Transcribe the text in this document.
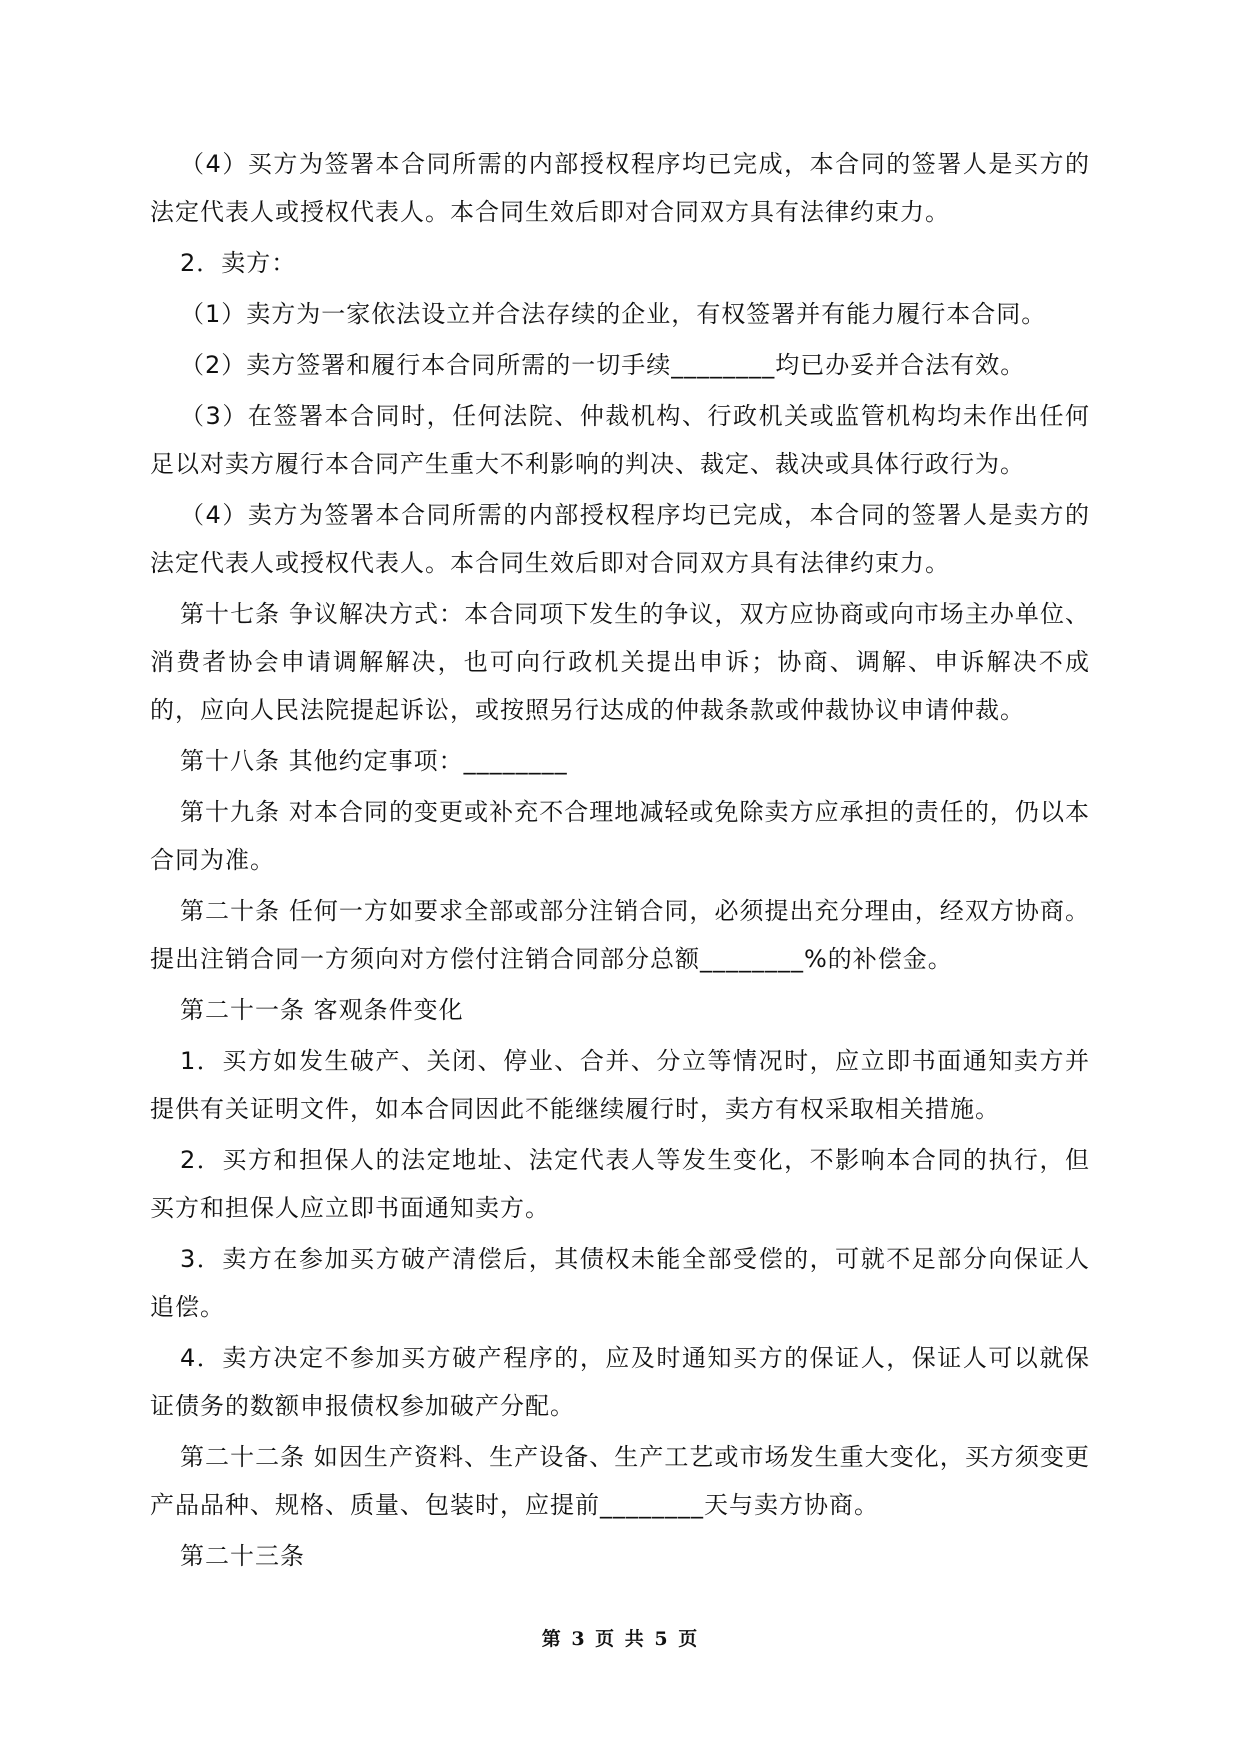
（4）买方为签署本合同所需的内部授权程序均已完成，本合同的签署人是买方的法定代表人或授权代表人。本合同生效后即对合同双方具有法律约束力。

2．卖方：

（1）卖方为一家依法设立并合法存续的企业，有权签署并有能力履行本合同。

（2）卖方签署和履行本合同所需的一切手续________均已办妥并合法有效。

（3）在签署本合同时，任何法院、仲裁机构、行政机关或监管机构均未作出任何足以对卖方履行本合同产生重大不利影响的判决、裁定、裁决或具体行政行为。

（4）卖方为签署本合同所需的内部授权程序均已完成，本合同的签署人是卖方的法定代表人或授权代表人。本合同生效后即对合同双方具有法律约束力。

第十七条 争议解决方式：本合同项下发生的争议，双方应协商或向市场主办单位、消费者协会申请调解解决，也可向行政机关提出申诉；协商、调解、申诉解决不成的，应向人民法院提起诉讼，或按照另行达成的仲裁条款或仲裁协议申请仲裁。

第十八条 其他约定事项：________

第十九条 对本合同的变更或补充不合理地减轻或免除卖方应承担的责任的，仍以本合同为准。

第二十条 任何一方如要求全部或部分注销合同，必须提出充分理由，经双方协商。提出注销合同一方须向对方偿付注销合同部分总额________%的补偿金。

第二十一条 客观条件变化

1．买方如发生破产、关闭、停业、合并、分立等情况时，应立即书面通知卖方并提供有关证明文件，如本合同因此不能继续履行时，卖方有权采取相关措施。

2．买方和担保人的法定地址、法定代表人等发生变化，不影响本合同的执行，但买方和担保人应立即书面通知卖方。

3．卖方在参加买方破产清偿后，其债权未能全部受偿的，可就不足部分向保证人追偿。

4．卖方决定不参加买方破产程序的，应及时通知买方的保证人，保证人可以就保证债务的数额申报债权参加破产分配。

第二十二条 如因生产资料、生产设备、生产工艺或市场发生重大变化，买方须变更产品品种、规格、质量、包装时，应提前________天与卖方协商。

第二十三条

第 3 页 共 5 页
